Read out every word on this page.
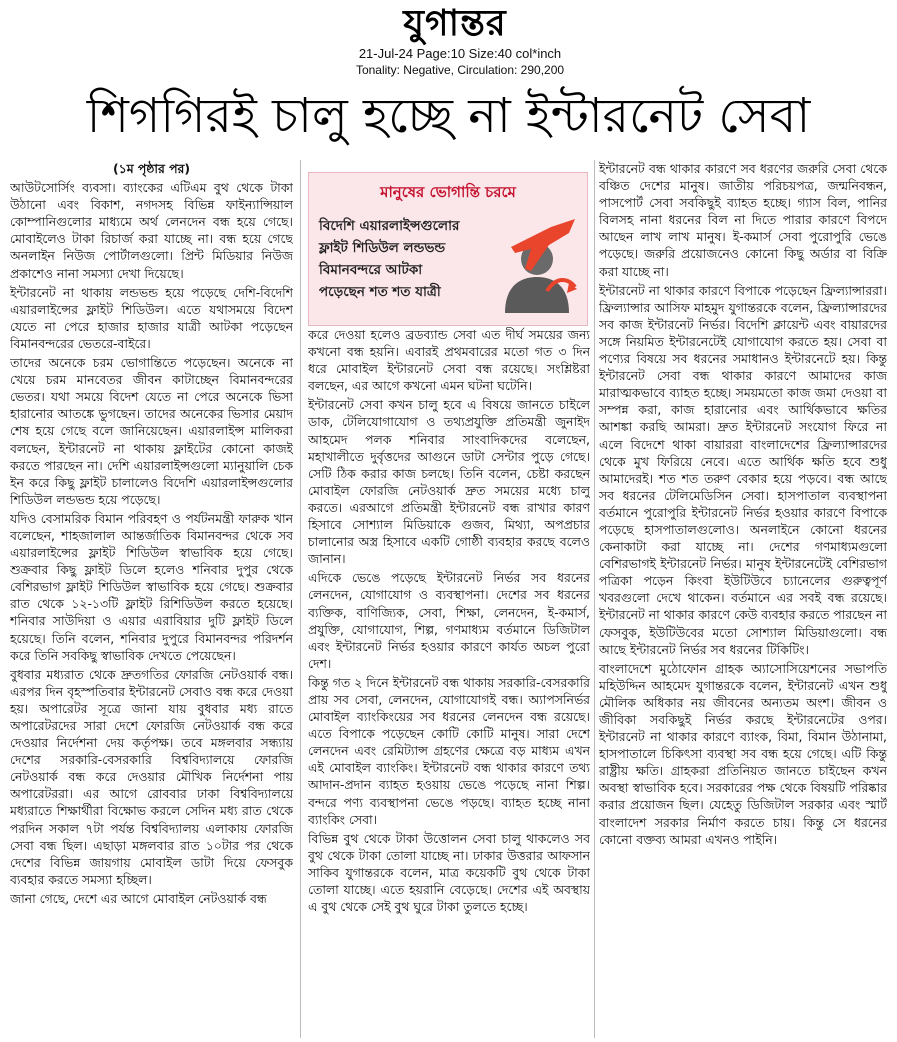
যুগান্তর
21-Jul-24 Page:10 Size:40 col*inch
Tonality: Negative, Circulation: 290,200
শিগগিরই চালু হচ্ছে না ইন্টারনেট সেবা

(১ম পৃষ্ঠার পর)

আউটসোর্সিং ব্যবসা। ব্যাংকের এটিএম বুথ থেকে টাকা উঠানো এবং বিকাশ, নগদসহ বিভিন্ন ফাইন্যান্সিয়াল কোম্পানিগুলোর মাধ্যমে অর্থ লেনদেন বন্ধ হয়ে গেছে। মোবাইলেও টাকা রিচার্জ করা যাচ্ছে না। বন্ধ হয়ে গেছে অনলাইন নিউজ পোর্টালগুলো। প্রিন্ট মিডিয়ার নিউজ প্রকাশেও নানা সমস্যা দেখা দিয়েছে।

ইন্টারনেট না থাকায় লন্ডভন্ড হয়ে পড়েছে দেশি-বিদেশি এয়ারলাইন্সের ফ্লাইট শিডিউল। এতে যথাসময়ে বিদেশ যেতে না পেরে হাজার হাজার যাত্রী আটকা পড়েছেন বিমানবন্দরের ভেতরে-বাইরে।

তাদের অনেকে চরম ভোগান্তিতে পড়েছেন। অনেকে না খেয়ে চরম মানবেতর জীবন কাটাচ্ছেন বিমানবন্দরের ভেতর। যথা সময়ে বিদেশ যেতে না পেরে অনেকে ভিসা হারানোর আতঙ্কে ভুগছেন। তাদের অনেকের ভিসার মেয়াদ শেষ হয়ে গেছে বলে জানিয়েছেন। এয়ারলাইন্স মালিকরা বলছেন, ইন্টারনেট না থাকায় ফ্লাইটের কোনো কাজই করতে পারছেন না। দেশি এয়ারলাইন্সগুলো ম্যানুয়ালি চেক ইন করে কিছু ফ্লাইট চালালেও বিদেশি এয়ারলাইন্সগুলোর শিডিউল লন্ডভন্ড হয়ে পড়েছে।

যদিও বেসামরিক বিমান পরিবহণ ও পর্যটনমন্ত্রী ফারুক খান বলেছেন, শাহজালাল আন্তর্জাতিক বিমানবন্দর থেকে সব এয়ারলাইন্সের ফ্লাইট শিডিউল স্বাভাবিক হয়ে গেছে। শুক্রবার কিছু ফ্লাইট ডিলে হলেও শনিবার দুপুর থেকে বেশিরভাগ ফ্লাইট শিডিউল স্বাভাবিক হয়ে গেছে। শুক্রবার রাত থেকে ১২-১৩টি ফ্লাইট রিশিডিউল করতে হয়েছে। শনিবার সাউদিয়া ও এয়ার এরাবিয়ার দুটি ফ্লাইট ডিলে হয়েছে। তিনি বলেন, শনিবার দুপুরে বিমানবন্দর পরিদর্শন করে তিনি সবকিছু স্বাভাবিক দেখতে পেয়েছেন।

বুধবার মধ্যরাত থেকে দ্রুতগতির ফোরজি নেটওয়ার্ক বন্ধ। এরপর দিন বৃহস্পতিবার ইন্টারনেট সেবাও বন্ধ করে দেওয়া হয়। অপারেটর সূত্রে জানা যায় বুধবার মধ্য রাতে অপারেটরদের সারা দেশে ফোরজি নেটওয়ার্ক বন্ধ করে দেওয়ার নির্দেশনা দেয় কর্তৃপক্ষ। তবে মঙ্গলবার সন্ধ্যায় দেশের সরকারি-বেসরকারি বিশ্ববিদ্যালয়ে ফোরজি নেটওয়ার্ক বন্ধ করে দেওয়ার মৌখিক নির্দেশনা পায় অপারেটররা। এর আগে রোববার ঢাকা বিশ্ববিদ্যালয়ে মধ্যরাতে শিক্ষার্থীরা বিক্ষোভ করলে সেদিন মধ্য রাত থেকে পরদিন সকাল ৭টা পর্যন্ত বিশ্ববিদ্যালয় এলাকায় ফোরজি সেবা বন্ধ ছিল। এছাড়া মঙ্গলবার রাত ১০টার পর থেকে দেশের বিভিন্ন জায়গায় মোবাইল ডাটা দিয়ে ফেসবুক ব্যবহার করতে সমস্যা হচ্ছিল।

জানা গেছে, দেশে এর আগে মোবাইল নেটওয়ার্ক বন্ধ

মানুষের ভোগান্তি চরমে
বিদেশি এয়ারলাইন্সগুলোর
ফ্লাইট শিডিউল লন্ডভন্ড
বিমানবন্দরে আটকা
পড়েছেন শত শত যাত্রী

করে দেওয়া হলেও ব্রডব্যান্ড সেবা এত দীর্ঘ সময়ের জন্য কখনো বন্ধ হয়নি। এবারই প্রথমবারের মতো গত ৩ দিন ধরে মোবাইল ইন্টারনেট সেবা বন্ধ রয়েছে। সংশ্লিষ্টরা বলছেন, এর আগে কখনো এমন ঘটনা ঘটেনি।

ইন্টারনেট সেবা কখন চালু হবে এ বিষয়ে জানতে চাইলে ডাক, টেলিযোগাযোগ ও তথ্যপ্রযুক্তি প্রতিমন্ত্রী জুনাইদ আহমেদ পলক শনিবার সাংবাদিকদের বলেছেন, মহাখালীতে দুর্বৃত্তদের আগুনে ডাটা সেন্টার পুড়ে গেছে। সেটি ঠিক করার কাজ চলছে। তিনি বলেন, চেষ্টা করছেন মোবাইল ফোরজি নেটওয়ার্ক দ্রুত সময়ের মধ্যে চালু করতে। এরআগে প্রতিমন্ত্রী ইন্টারনেট বন্ধ রাখার কারণ হিসাবে সোশ্যাল মিডিয়াকে গুজব, মিথ্যা, অপপ্রচার চালানোর অস্ত্র হিসাবে একটি গোষ্ঠী ব্যবহার করছে বলেও জানান।

এদিকে ভেঙে পড়েছে ইন্টারনেট নির্ভর সব ধরনের লেনদেন, যোগাযোগ ও ব্যবস্থাপনা। দেশের সব ধরনের ব্যক্তিক, বাণিজ্যিক, সেবা, শিক্ষা, লেনদেন, ই-কমার্স, প্রযুক্তি, যোগাযোগ, শিল্প, গণমাধ্যম বর্তমানে ডিজিটাল এবং ইন্টারনেট নির্ভর হওয়ার কারণে কার্যত অচল পুরো দেশ।

কিন্তু গত ২ দিনে ইন্টারনেট বন্ধ থাকায় সরকারি-বেসরকারি প্রায় সব সেবা, লেনদেন, যোগাযোগই বন্ধ। অ্যাপসনির্ভর মোবাইল ব্যাংকিংয়ের সব ধরনের লেনদেন বন্ধ রয়েছে। এতে বিপাকে পড়েছেন কোটি কোটি মানুষ। সারা দেশে লেনদেন এবং রেমিট্যান্স গ্রহণের ক্ষেত্রে বড় মাধ্যম এখন এই মোবাইল ব্যাংকিং। ইন্টারনেট বন্ধ থাকার কারণে তথ্য আদান-প্রদান ব্যাহত হওয়ায় ভেঙে পড়েছে নানা শিল্প। বন্দরে পণ্য ব্যবস্থাপনা ভেঙে পড়ছে। ব্যাহত হচ্ছে নানা ব্যাংকিং সেবা।

বিভিন্ন বুথ থেকে টাকা উত্তোলন সেবা চালু থাকলেও সব বুথ থেকে টাকা তোলা যাচ্ছে না। ঢাকার উত্তরার আফসান সাকিব যুগান্তরকে বলেন, মাত্র কয়েকটি বুথ থেকে টাকা তোলা যাচ্ছে। এতে হয়রানি বেড়েছে। দেশের এই অবস্থায় এ বুথ থেকে সেই বুথ ঘুরে টাকা তুলতে হচ্ছে।

ইন্টারনেট বন্ধ থাকার কারণে সব ধরণের জরুরি সেবা থেকে বঞ্চিত দেশের মানুষ। জাতীয় পরিচয়পত্র, জন্মনিবন্ধন, পাসপোর্ট সেবা সবকিছুই ব্যাহত হচ্ছে। গ্যাস বিল, পানির বিলসহ নানা ধরনের বিল না দিতে পারার কারণে বিপদে আছেন লাখ লাখ মানুষ। ই-কমার্স সেবা পুরোপুরি ভেঙে পড়েছে। জরুরি প্রয়োজনেও কোনো কিছু অর্ডার বা বিক্রি করা যাচ্ছে না।

ইন্টারনেট না থাকার কারণে বিপাকে পড়েছেন ফ্রিল্যান্সাররা। ফ্রিল্যান্সার আসিফ মাহমুদ যুগান্তরকে বলেন, ফ্রিল্যান্সারদের সব কাজ ইন্টারনেট নির্ভর। বিদেশি ক্লায়েন্ট এবং বায়ারদের সঙ্গে নিয়মিত ইন্টারনেটেই যোগাযোগ করতে হয়। সেবা বা পণ্যের বিষয়ে সব ধরনের সমাধানও ইন্টারনেটে হয়। কিন্তু ইন্টারনেট সেবা বন্ধ থাকার কারণে আমাদের কাজ মারাত্মকভাবে ব্যাহত হচ্ছে। সময়মতো কাজ জমা দেওয়া বা সম্পন্ন করা, কাজ হারানোর এবং আর্থিকভাবে ক্ষতির আশঙ্কা করছি আমরা। দ্রুত ইন্টারনেট সংযোগ ফিরে না এলে বিদেশে থাকা বায়াররা বাংলাদেশের ফ্রিল্যান্সারদের থেকে মুখ ফিরিয়ে নেবে। এতে আর্থিক ক্ষতি হবে শুধু আমাদেরই। শত শত তরুণ বেকার হয়ে পড়বে। বন্ধ আছে সব ধরনের টেলিমেডিসিন সেবা। হাসপাতাল ব্যবস্থাপনা বর্তমানে পুরোপুরি ইন্টারনেট নির্ভর হওয়ার কারণে বিপাকে পড়েছে হাসপাতালগুলোও। অনলাইনে কোনো ধরনের কেনাকাটা করা যাচ্ছে না। দেশের গণমাধ্যমগুলো বেশিরভাগই ইন্টারনেট নির্ভর। মানুষ ইন্টারনেটেই বেশিরভাগ পত্রিকা পড়েন কিংবা ইউটিউবে চ্যানেলের গুরুত্বপূর্ণ খবরগুলো দেখে থাকেন। বর্তমানে এর সবই বন্ধ রয়েছে। ইন্টারনেট না থাকার কারণে কেউ ব্যবহার করতে পারছেন না ফেসবুক, ইউটিউবের মতো সোশ্যাল মিডিয়াগুলো। বন্ধ আছে ইন্টারনেট নির্ভর সব ধরনের টিকিটিং।

বাংলাদেশে মুঠোফোন গ্রাহক অ্যাসোসিয়েশনের সভাপতি মহিউদ্দিন আহমেদ যুগান্তরকে বলেন, ইন্টারনেট এখন শুধু মৌলিক অধিকার নয় জীবনের অন্যতম অংশ। জীবন ও জীবিকা সবকিছুই নির্ভর করছে ইন্টারনেটের ওপর। ইন্টারনেট না থাকার কারণে ব্যাংক, বিমা, বিমান উঠানামা, হাসপাতালে চিকিৎসা ব্যবস্থা সব বন্ধ হয়ে গেছে। এটি কিন্তু রাষ্ট্রীয় ক্ষতি। গ্রাহকরা প্রতিনিয়ত জানতে চাইছেন কখন অবস্থা স্বাভাবিক হবে। সরকারের পক্ষ থেকে বিষয়টি পরিষ্কার করার প্রয়োজন ছিল। যেহেতু ডিজিটাল সরকার এবং স্মার্ট বাংলাদেশ সরকার নির্মাণ করতে চায়। কিন্তু সে ধরনের কোনো বক্তব্য আমরা এখনও পাইনি।
